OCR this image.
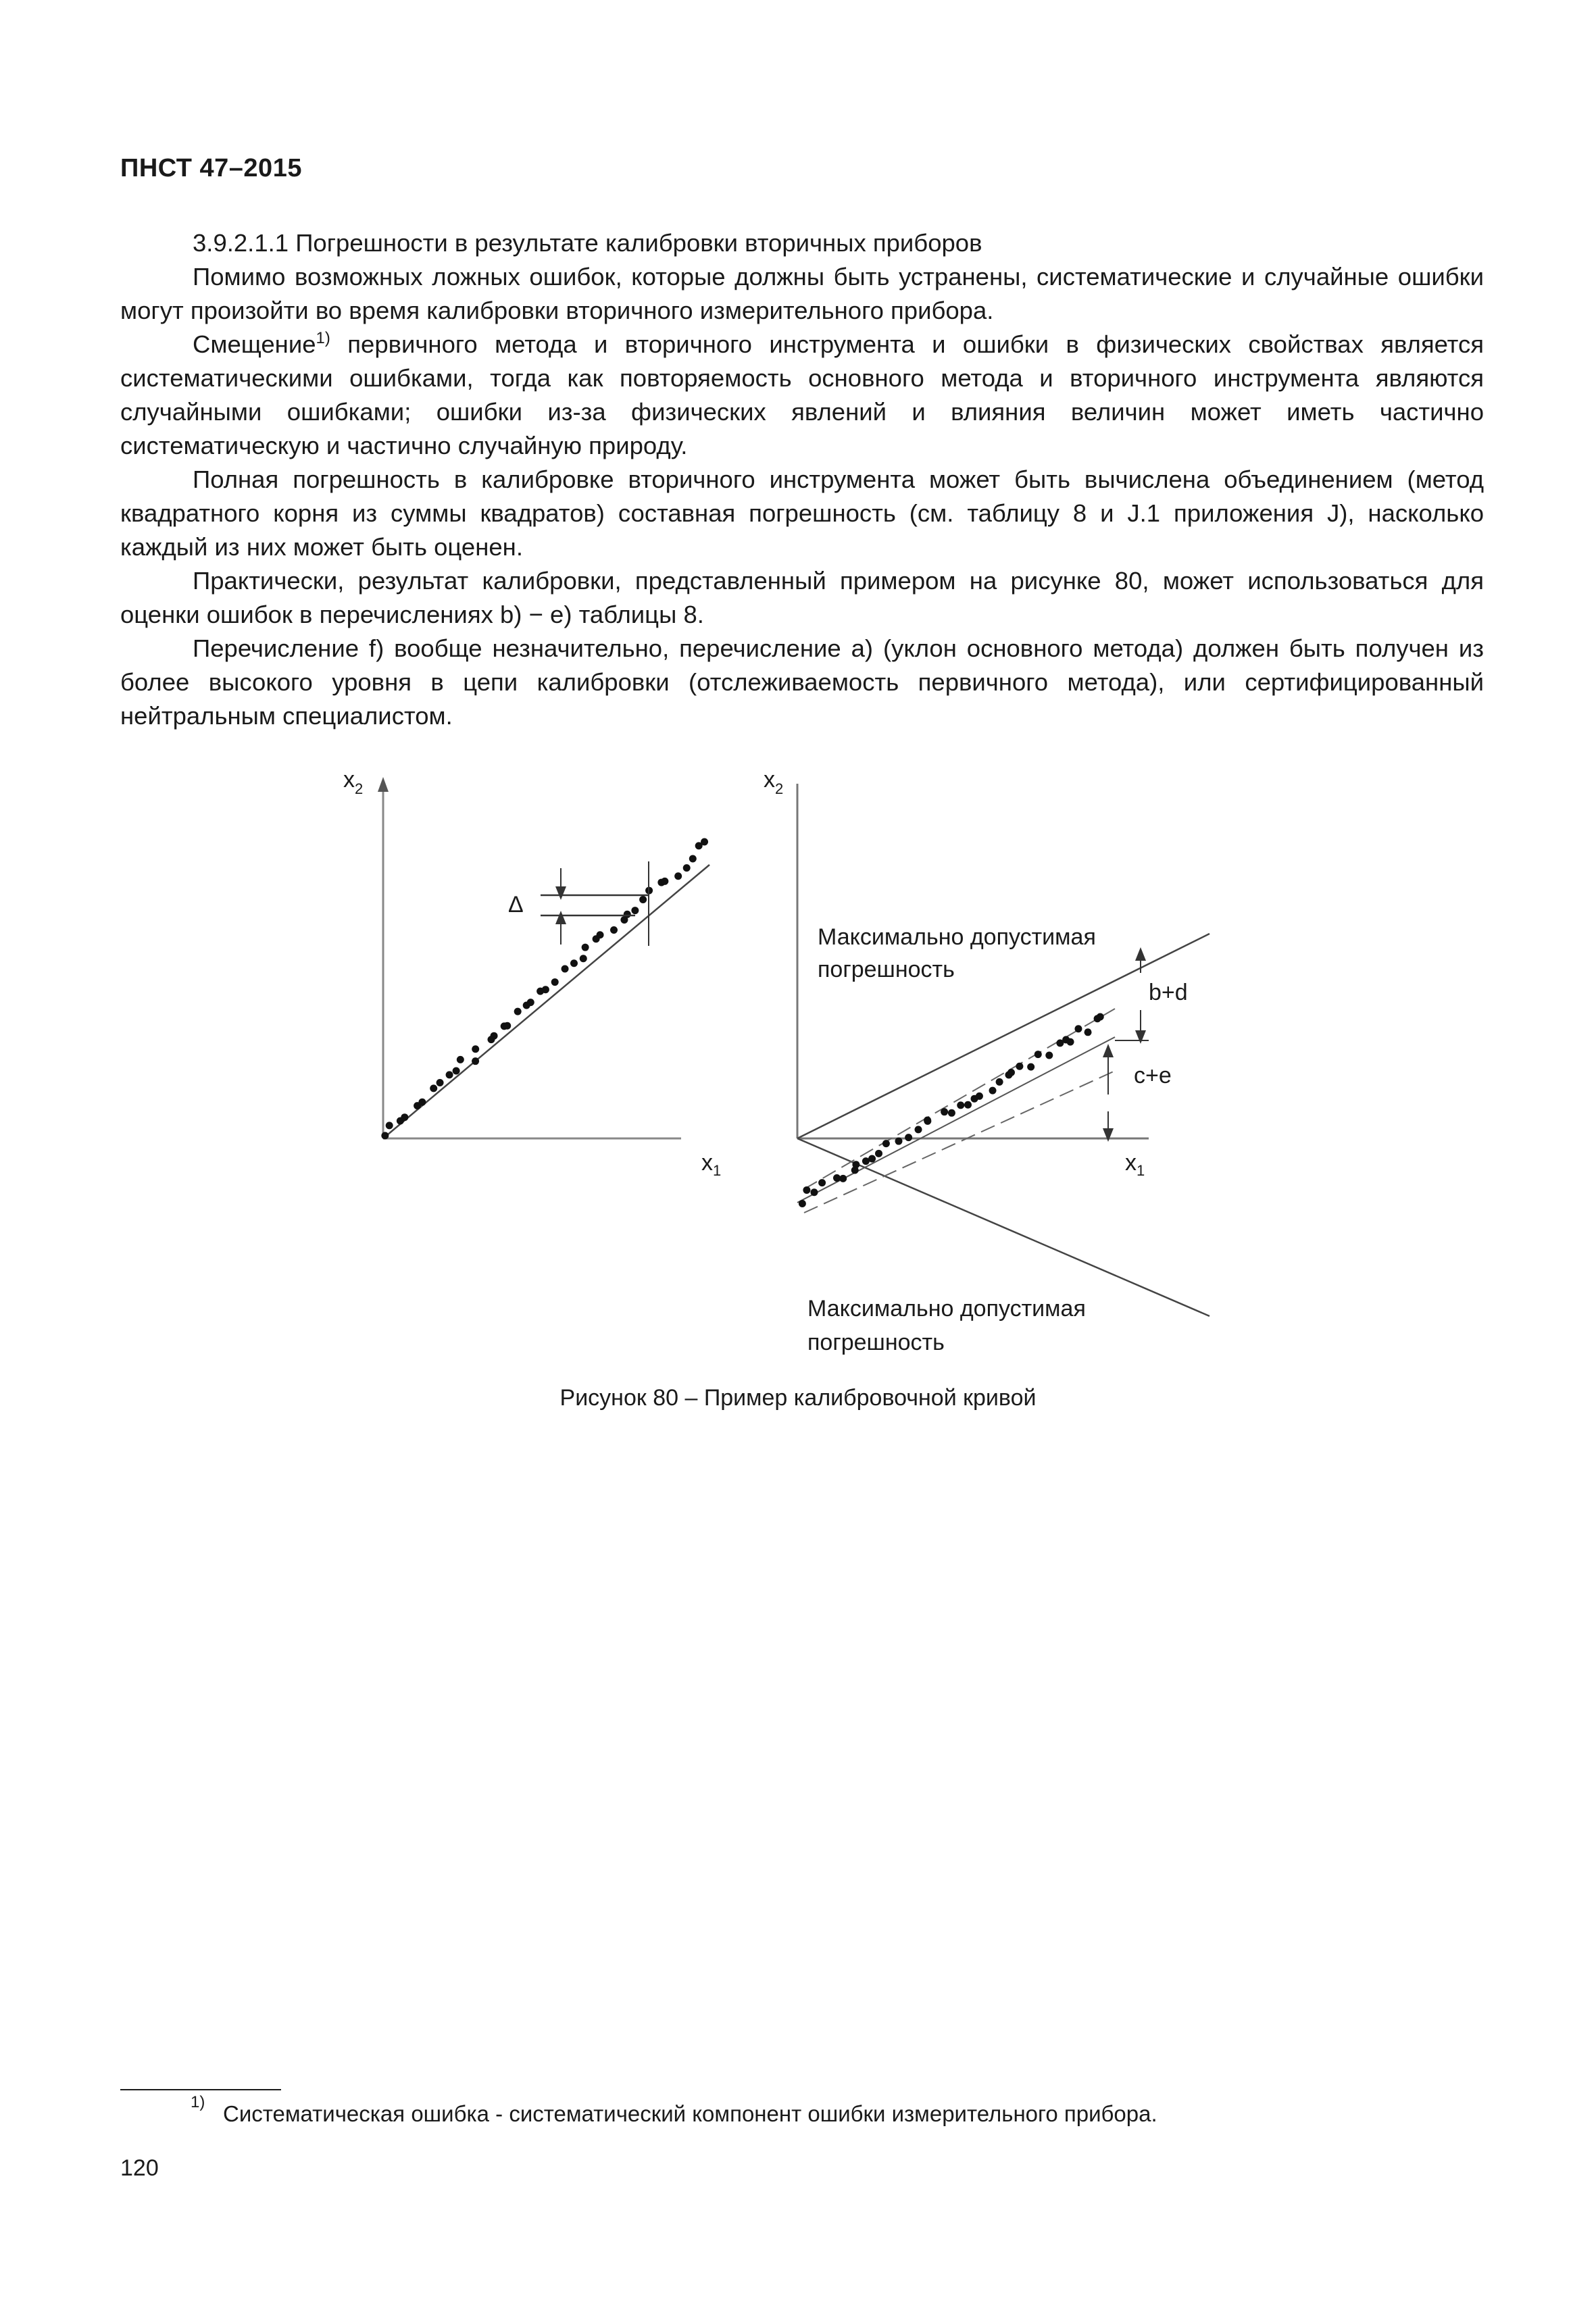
ПНСТ 47–2015

3.9.2.1.1 Погрешности в результате калибровки вторичных приборов

Помимо возможных ложных ошибок, которые должны быть устранены, систематические и случайные ошибки могут произойти во время калибровки вторичного измерительного прибора.

Смещение$^{1)}$ первичного метода и вторичного инструмента и ошибки в физических свойствах является систематическими ошибками, тогда как повторяемость основного метода и вторичного инструмента являются случайными ошибками; ошибки из-за физических явлений и влияния величин может иметь частично систематическую и частично случайную природу.

Полная погрешность в калибровке вторичного инструмента может быть вычислена объединением (метод квадратного корня из суммы квадратов) составная погрешность (см. таблицу 8 и J.1 приложения J), насколько каждый из них может быть оценен.

Практически, результат калибровки, представленный примером на рисунке 80, может использоваться для оценки ошибок в перечислениях b) − е) таблицы 8.

Перечисление f) вообще незначительно, перечисление а) (уклон основного метода) должен быть получен из более высокого уровня в цепи калибровки (отслеживаемость первичного метода), или сертифицированный нейтральным специалистом.

$x_2$
$x_1$
Δ
$x_2$
$x_1$
b+d
c+e
Максимально допустимая
погрешность
Максимально допустимая
погрешность
Рисунок 80 – Пример калибровочной кривой
1) Систематическая ошибка - систематический компонент ошибки измерительного прибора.
120
